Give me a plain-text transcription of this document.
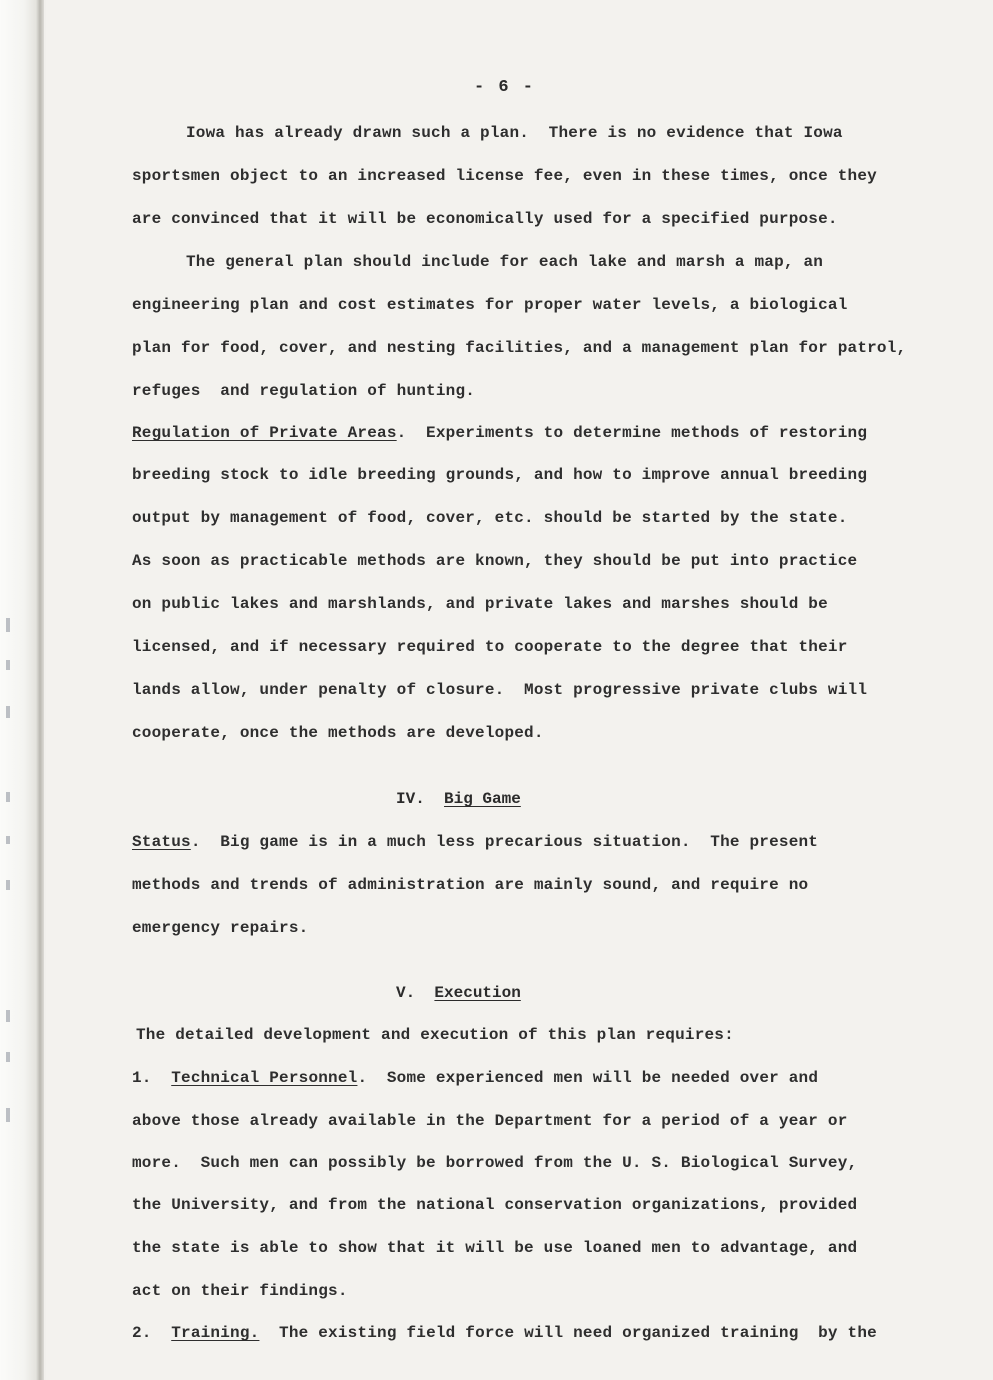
- 6 -
Iowa has already drawn such a plan.  There is no evidence that Iowa
sportsmen object to an increased license fee, even in these times, once they
are convinced that it will be economically used for a specified purpose.
The general plan should include for each lake and marsh a map, an
engineering plan and cost estimates for proper water levels, a biological
plan for food, cover, and nesting facilities, and a management plan for patrol,
refuges  and regulation of hunting.
Regulation of Private Areas.  Experiments to determine methods of restoring
breeding stock to idle breeding grounds, and how to improve annual breeding
output by management of food, cover, etc. should be started by the state.
As soon as practicable methods are known, they should be put into practice
on public lakes and marshlands, and private lakes and marshes should be
licensed, and if necessary required to cooperate to the degree that their
lands allow, under penalty of closure.  Most progressive private clubs will
cooperate, once the methods are developed.
IV. Big Game
Status.  Big game is in a much less precarious situation.  The present
methods and trends of administration are mainly sound, and require no
emergency repairs.
V. Execution
The detailed development and execution of this plan requires:
1. Technical Personnel.  Some experienced men will be needed over and
above those already available in the Department for a period of a year or
more.  Such men can possibly be borrowed from the U. S. Biological Survey,
the University, and from the national conservation organizations, provided
the state is able to show that it will be use loaned men to advantage, and
act on their findings.
2. Training.  The existing field force will need organized training  by the
